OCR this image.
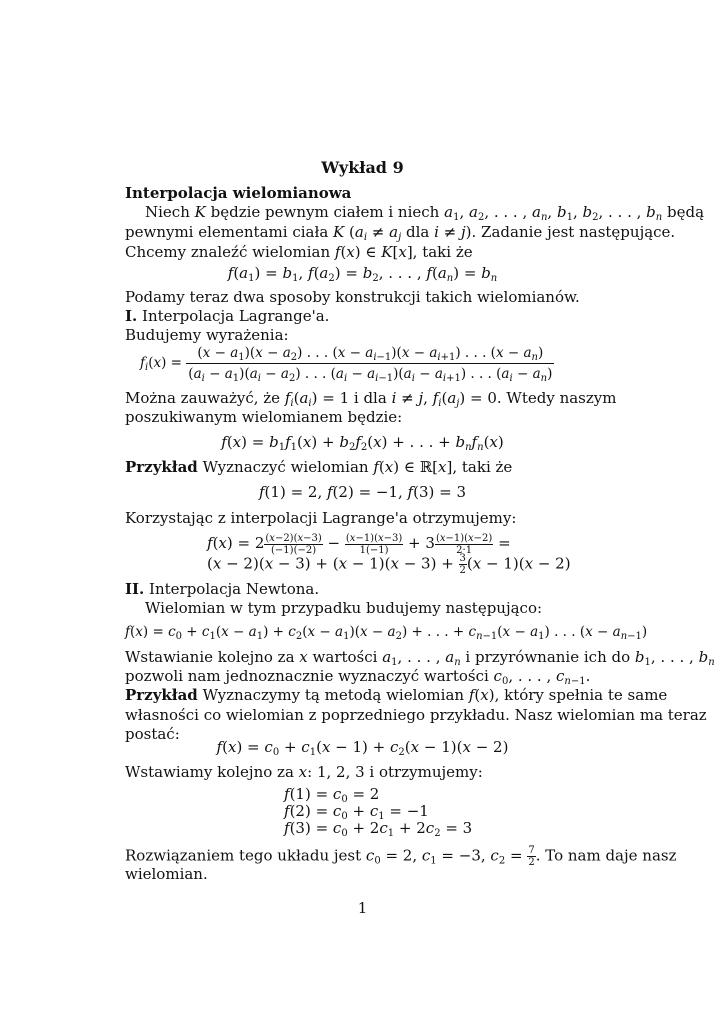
Wykład 9
Interpolacja wielomianowa
Niech K będzie pewnym ciałem i niech $a_1$, $a_2$, . . . , $a_n$, $b_1$, $b_2$, . . . , $b_n$ będą
pewnymi elementami ciała K ($a_i \ne a_j$ dla i ≠ j). Zadanie jest następujące.
Chcemy znaleźć wielomian f(x) ∈ K[x], taki że
$f(a_1) = b_1$, $f(a_2) = b_2$, . . . , $f(a_n) = b_n$
Podamy teraz dwa sposoby konstrukcji takich wielomianów.
I. Interpolacja Lagrange'a.
Budujemy wyrażenia:
$f_i(x)$ =
$(x - a_1)(x - a_2)$ . . . $(x - a_{i-1})(x - a_{i+1})$ . . . $(x - a_n)$
$(a_i - a_1)(a_i - a_2)$ . . . $(a_i - a_{i-1})(a_i - a_{i+1})$ . . . $(a_i - a_n)$
Można zauważyć, że $f_i(a_i) = 1$ i dla i ≠ j, $f_i(a_j) = 0$. Wtedy naszym
poszukiwanym wielomianem będzie:
$f(x) = b_1f_1(x) + b_2f_2(x)$ + . . . + $b_nf_n(x)$
Przykład Wyznaczyć wielomian f(x) ∈ ℝ[x], taki że
f(1) = 2, f(2) = −1, f(3) = 3
Korzystając z interpolacji Lagrange'a otrzymujemy:
$f(x) = 2 \frac{(x-2)(x-3)}{(-1)(-2)} - \frac{(x-1)(x-3)}{1(-1)} + 3 \frac{(x-1)(x-2)}{2\cdot 1}$ =
$(x - 2)(x - 3) + (x - 1)(x - 3) + \frac{3}{2} (x - 1)(x - 2)$
II. Interpolacja Newtona.
Wielomian w tym przypadku budujemy następująco:
$f(x) = c_0 + c_1(x - a_1) + c_2(x - a_1)(x - a_2)$ + . . . + $c_{n-1}(x - a_1)$ . . . $(x - a_{n-1})$
Wstawianie kolejno za x wartości $a_1$, . . . , $a_n$ i przyrównanie ich do $b_1$, . . . , $b_n$
pozwoli nam jednoznacznie wyznaczyć wartości $c_0$, . . . , $c_{n-1}$.
Przykład Wyznaczymy tą metodą wielomian f(x), który spełnia te same
własności co wielomian z poprzedniego przykładu. Nasz wielomian ma teraz
postać:
$f(x) = c_0 + c_1(x - 1) + c_2(x - 1)(x - 2)$
Wstawiamy kolejno za x: 1, 2, 3 i otrzymujemy:
$f(1) = c_0 = 2$
$f(2) = c_0 + c_1 = -1$
$f(3) = c_0 + 2c_1 + 2c_2 = 3$
Rozwiązaniem tego układu jest $c_0 = 2$, $c_1 = -3$, $c_2 = \frac{7}{2}$ . To nam daje nasz
wielomian.
1
